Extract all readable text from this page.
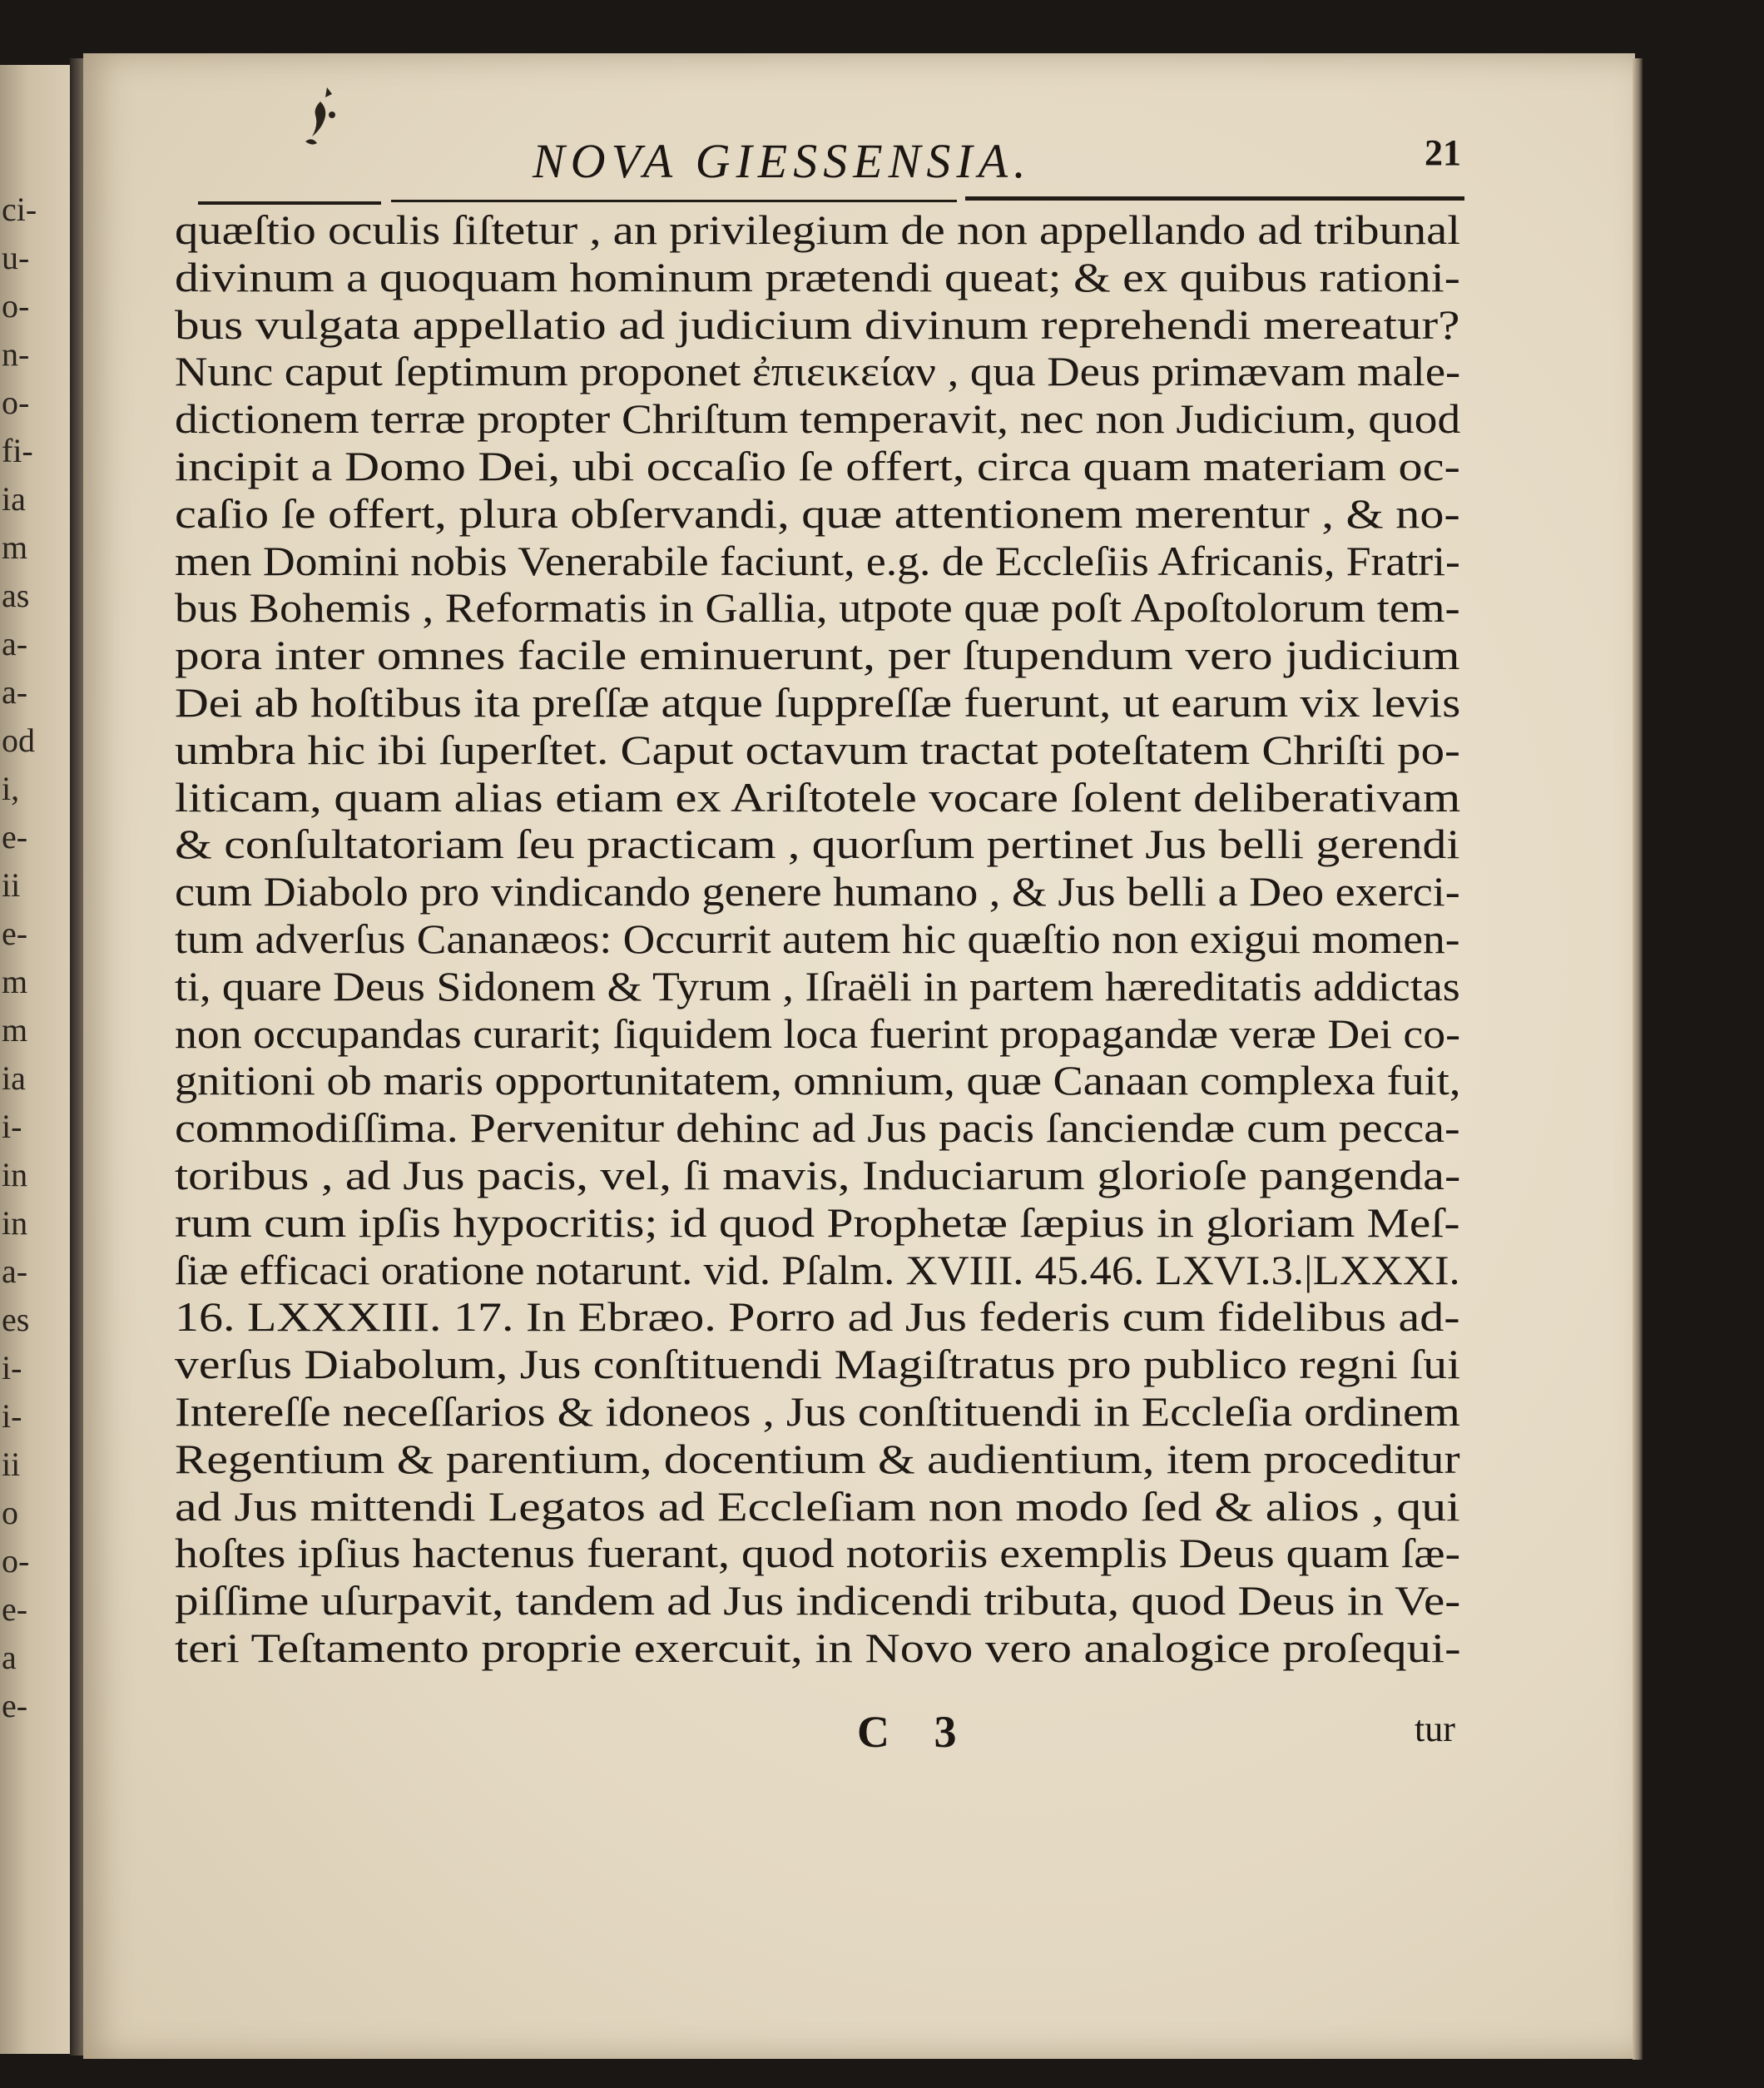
ci-
u-
o-
n-
o-
fi-
ia
m
as
a-
a-
od
i,
e-
ii
e-
m
m
ia
i-
in
in
a-
es
i-
i-
ii
o
o-
e-
a
e-
NOVA GIESSENSIA.	21
quæſtio oculis ſiſtetur , an privilegium de non appellando ad tribunal
divinum a quoquam hominum prætendi queat; & ex quibus rationi-
bus vulgata appellatio ad judicium divinum reprehendi mereatur?
Nunc caput ſeptimum proponet ἐπιεικείαν , qua Deus primævam male-
dictionem terræ propter Chriſtum temperavit, nec non Judicium, quod
incipit a Domo Dei, ubi occaſio ſe offert, circa quam materiam oc-
caſio ſe offert, plura obſervandi, quæ attentionem merentur , & no-
men Domini nobis Venerabile faciunt, e.g. de Eccleſiis Africanis, Fratri-
bus Bohemis , Reformatis in Gallia, utpote quæ poſt Apoſtolorum tem-
pora inter omnes facile eminuerunt, per ſtupendum vero judicium
Dei ab hoſtibus ita preſſæ atque ſuppreſſæ fuerunt, ut earum vix levis
umbra hic ibi ſuperſtet. Caput octavum tractat poteſtatem Chriſti po-
liticam, quam alias etiam ex Ariſtotele vocare ſolent deliberativam
& conſultatoriam ſeu practicam , quorſum pertinet Jus belli gerendi
cum Diabolo pro vindicando genere humano , & Jus belli a Deo exerci-
tum adverſus Cananæos: Occurrit autem hic quæſtio non exigui momen-
ti, quare Deus Sidonem & Tyrum , Iſraëli in partem hæreditatis addictas
non occupandas curarit; ſiquidem loca fuerint propagandæ veræ Dei co-
gnitioni ob maris opportunitatem, omnium, quæ Canaan complexa fuit,
commodiſſima. Pervenitur dehinc ad Jus pacis ſanciendæ cum pecca-
toribus , ad Jus pacis, vel, ſi mavis, Induciarum glorioſe pangenda-
rum cum ipſis hypocritis; id quod Prophetæ ſæpius in gloriam Meſ-
ſiæ efficaci oratione notarunt. vid. Pſalm. XVIII. 45.46. LXVI.3.|LXXXI.
16. LXXXIII. 17. In Ebræo. Porro ad Jus federis cum fidelibus ad-
verſus Diabolum, Jus conſtituendi Magiſtratus pro publico regni ſui
Intereſſe neceſſarios & idoneos , Jus conſtituendi in Eccleſia ordinem
Regentium & parentium, docentium & audientium, item proceditur
ad Jus mittendi Legatos ad Eccleſiam non modo ſed & alios , qui
hoſtes ipſius hactenus fuerant, quod notoriis exemplis Deus quam ſæ-
piſſime uſurpavit, tandem ad Jus indicendi tributa, quod Deus in Ve-
teri Teſtamento proprie exercuit, in Novo vero analogice proſequi-
C 3	tur
